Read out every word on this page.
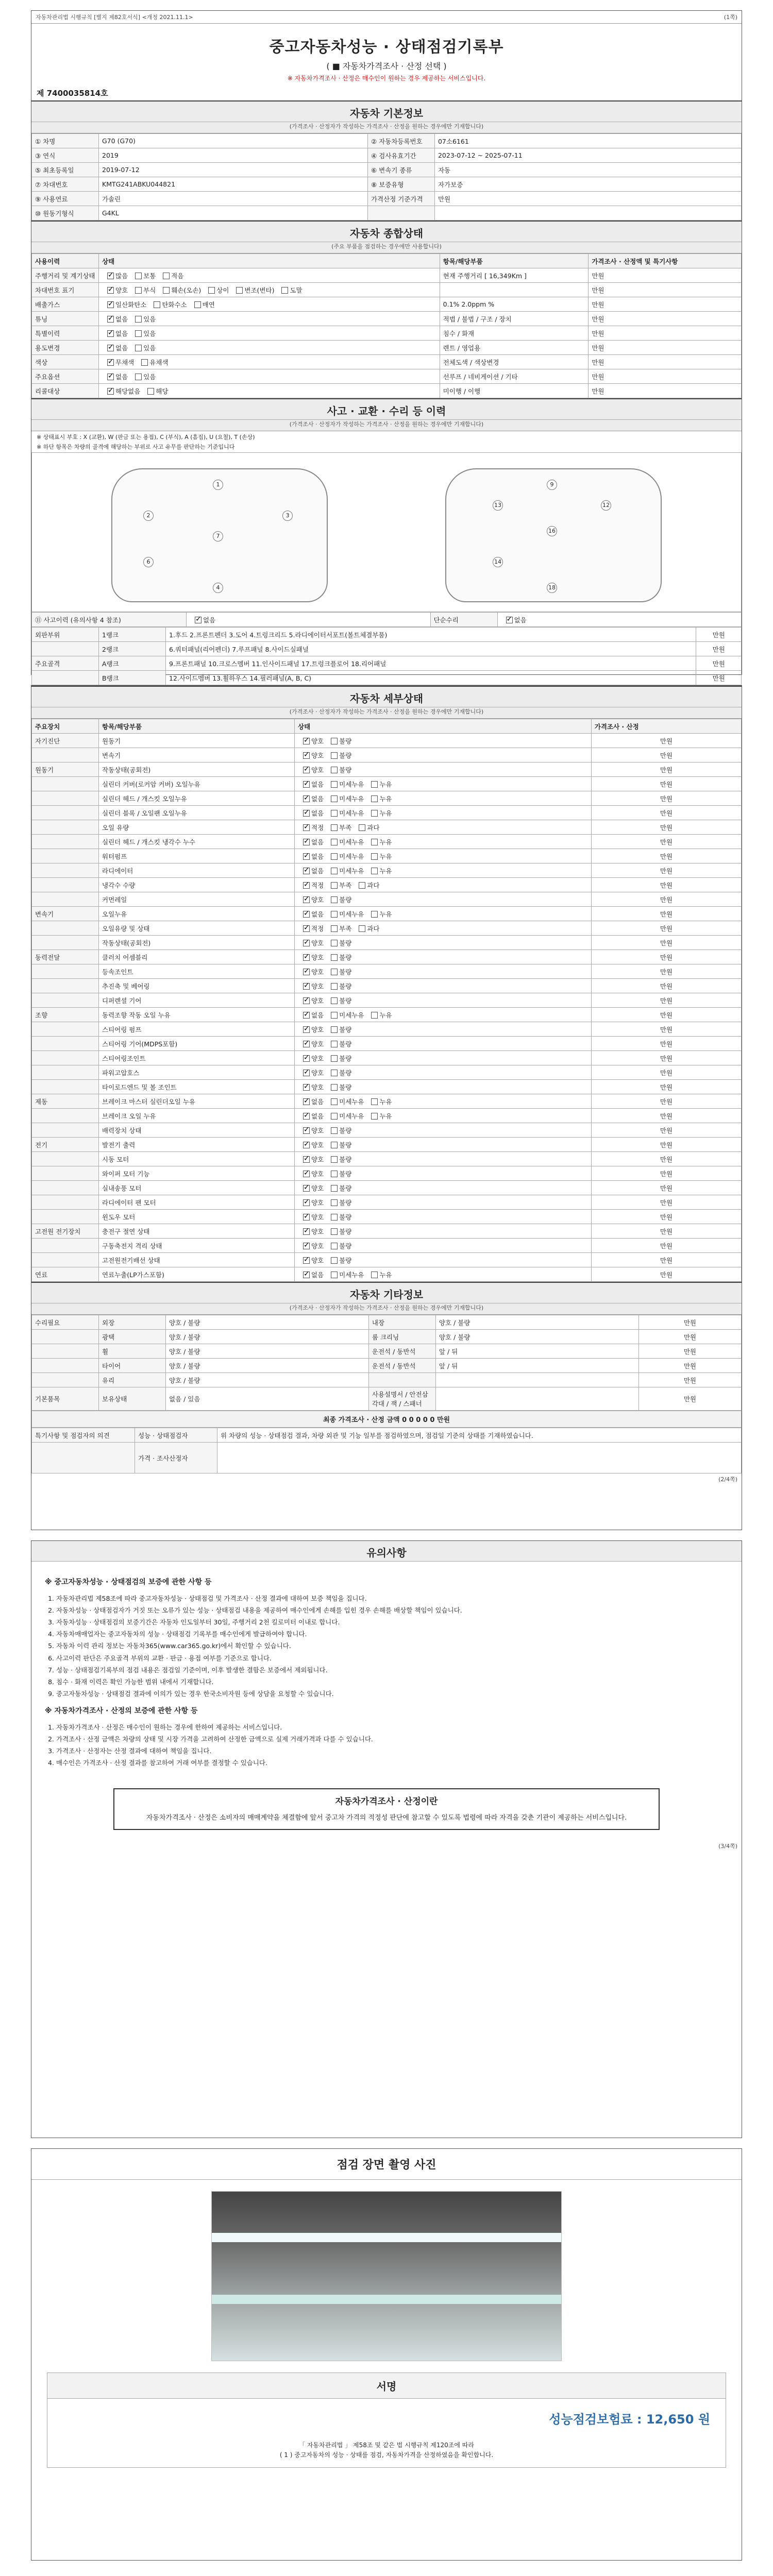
자동차관리법 시행규칙 [별지 제82호서식] <개정 2021.11.1>	(1쪽)
중고자동차성능 · 상태점검기록부
( ■ 자동차가격조사 · 산정 선택 )
※ 자동차가격조사 · 산정은 매수인이 원하는 경우 제공하는 서비스입니다.
제 7400035814호
자동차 기본정보
(가격조사 · 산정자가 작성하는 가격조사 · 산정을 원하는 경우에만 기재합니다)
① 차명	G70 (G70)	② 자동차등록번호	07소6161
③ 연식	2019	④ 검사유효기간	2023-07-12 ~ 2025-07-11
⑤ 최초등록일	2019-07-12	⑥ 변속기 종류	자동
⑦ 차대번호	KMTG241ABKU044821	⑧ 보증유형	자가보증
⑨ 사용연료	가솔린	가격산정 기준가격	만원
⑩ 원동기형식	G4KL		
자동차 종합상태
(주요 부품을 점검하는 경우에만 사용합니다)
사용이력	상태	항목/해당부품	가격조사 · 산정액 및 특기사항
주행거리 및 계기상태	✓많음 보통 적음	현재 주행거리 [ 16,349Km ]	만원
차대번호 표기	✓양호 부식 훼손(오손) 상이 변조(변타) 도말		만원
배출가스	✓일산화탄소 탄화수소 매연	0.1% 2.0ppm %	만원
튜닝	✓없음 있음	적법 / 불법 / 구조 / 장치	만원
특별이력	✓없음 있음	침수 / 화재	만원
용도변경	✓없음 있음	렌트 / 영업용	만원
색상	✓무채색 유채색	전체도색 / 색상변경	만원
주요옵션	✓없음 있음	선루프 / 네비게이션 / 기타	만원
리콜대상	✓해당없음 해당	미이행 / 이행	만원
사고 · 교환 · 수리 등 이력
(가격조사 · 산정자가 작성하는 가격조사 · 산정을 원하는 경우에만 기재합니다)
※ 상태표시 부호 : X (교환), W (판금 또는 용접), C (부식), A (흠집), U (요철), T (손상)
※ 하단 항목은 차량의 골격에 해당하는 부위로 사고 유무를 판단하는 기준입니다
1
2	3
7
6
4
9
13	12
16
14
18
⑪ 사고이력 (유의사항 4 참조)	✓없음	단순수리	✓없음
외판부위	1랭크	1.후드 2.프론트펜더 3.도어 4.트렁크리드 5.라디에이터서포트(볼트체결부품)	만원
	2랭크	6.쿼터패널(리어펜더) 7.루프패널 8.사이드실패널	만원
주요골격	A랭크	9.프론트패널 10.크로스멤버 11.인사이드패널 17.트렁크플로어 18.리어패널	만원
	B랭크	12.사이드멤버 13.휠하우스 14.필러패널(A, B, C)	만원

자동차 세부상태
(가격조사 · 산정자가 작성하는 가격조사 · 산정을 원하는 경우에만 기재합니다)
주요장치	항목/해당부품	상태	가격조사 · 산정
자기진단	원동기	✓양호 불량	만원
	변속기	✓양호 불량	만원
원동기	작동상태(공회전)	✓양호 불량	만원
	실린더 커버(로커암 커버) 오일누유	✓없음 미세누유 누유	만원
	실린더 헤드 / 개스킷 오일누유	✓없음 미세누유 누유	만원
	실린더 블록 / 오일팬 오일누유	✓없음 미세누유 누유	만원
	오일 유량	✓적정 부족 과다	만원
	실린더 헤드 / 개스킷 냉각수 누수	✓없음 미세누유 누유	만원
	워터펌프	✓없음 미세누유 누유	만원
	라디에이터	✓없음 미세누유 누유	만원
	냉각수 수량	✓적정 부족 과다	만원
	커먼레일	✓양호 불량	만원
변속기	오일누유	✓없음 미세누유 누유	만원
	오일유량 및 상태	✓적정 부족 과다	만원
	작동상태(공회전)	✓양호 불량	만원
동력전달	클러치 어셈블리	✓양호 불량	만원
	등속조인트	✓양호 불량	만원
	추진축 및 베어링	✓양호 불량	만원
	디퍼렌셜 기어	✓양호 불량	만원
조향	동력조향 작동 오일 누유	✓없음 미세누유 누유	만원
	스티어링 펌프	✓양호 불량	만원
	스티어링 기어(MDPS포함)	✓양호 불량	만원
	스티어링조인트	✓양호 불량	만원
	파워고압호스	✓양호 불량	만원
	타이로드엔드 및 볼 조인트	✓양호 불량	만원
제동	브레이크 마스터 실린더오일 누유	✓없음 미세누유 누유	만원
	브레이크 오일 누유	✓없음 미세누유 누유	만원
	배력장치 상태	✓양호 불량	만원
전기	발전기 출력	✓양호 불량	만원
	시동 모터	✓양호 불량	만원
	와이퍼 모터 기능	✓양호 불량	만원
	실내송풍 모터	✓양호 불량	만원
	라디에이터 팬 모터	✓양호 불량	만원
	윈도우 모터	✓양호 불량	만원
고전원 전기장치	충전구 절연 상태	✓양호 불량	만원
	구동축전지 격리 상태	✓양호 불량	만원
	고전원전기배선 상태	✓양호 불량	만원
연료	연료누출(LP가스포함)	✓없음 미세누유 누유	만원
자동차 기타정보
(가격조사 · 산정자가 작성하는 가격조사 · 산정을 원하는 경우에만 기재합니다)
수리필요	외장	양호 / 불량	내장	양호 / 불량	만원
	광택	양호 / 불량	룸 크리닝	양호 / 불량	만원
	휠	양호 / 불량	운전석 / 동반석	앞 / 뒤	만원
	타이어	양호 / 불량	운전석 / 동반석	앞 / 뒤	만원
	유리	양호 / 불량			만원
기본품목	보유상태	없음 / 있음	사용설명서 / 안전삼각대 / 잭 / 스패너		만원
최종 가격조사 · 산정 금액 0 0 0 0 0 만원
특기사항 및 점검자의 의견	성능 · 상태점검자	위 차량의 성능 · 상태점검 결과, 차량 외관 및 기능 일부를 점검하였으며, 점검일 기준의 상태를 기재하였습니다.
	가격 · 조사산정자	
(2/4쪽)
유의사항
※ 중고자동차성능 · 상태점검의 보증에 관한 사항 등
1. 자동차관리법 제58조에 따라 중고자동차성능 · 상태점검 및 가격조사 · 산정 결과에 대하여 보증 책임을 집니다.
2. 자동차성능 · 상태점검자가 거짓 또는 오류가 있는 성능 · 상태점검 내용을 제공하여 매수인에게 손해를 입힌 경우 손해를 배상할 책임이 있습니다.
3. 자동차성능 · 상태점검의 보증기간은 자동차 인도일부터 30일, 주행거리 2천 킬로미터 이내로 합니다.
4. 자동차매매업자는 중고자동차의 성능 · 상태점검 기록부를 매수인에게 발급하여야 합니다.
5. 자동차 이력 관리 정보는 자동차365(www.car365.go.kr)에서 확인할 수 있습니다.
6. 사고이력 판단은 주요골격 부위의 교환 · 판금 · 용접 여부를 기준으로 합니다.
7. 성능 · 상태점검기록부의 점검 내용은 점검일 기준이며, 이후 발생한 결함은 보증에서 제외됩니다.
8. 침수 · 화재 이력은 확인 가능한 범위 내에서 기재합니다.
9. 중고자동차성능 · 상태점검 결과에 이의가 있는 경우 한국소비자원 등에 상담을 요청할 수 있습니다.
※ 자동차가격조사 · 산정의 보증에 관한 사항 등
1. 자동차가격조사 · 산정은 매수인이 원하는 경우에 한하여 제공하는 서비스입니다.
2. 가격조사 · 산정 금액은 차량의 상태 및 시장 가격을 고려하여 산정한 금액으로 실제 거래가격과 다를 수 있습니다.
3. 가격조사 · 산정자는 산정 결과에 대하여 책임을 집니다.
4. 매수인은 가격조사 · 산정 결과를 참고하여 거래 여부를 결정할 수 있습니다.
자동차가격조사 · 산정이란
자동차가격조사 · 산정은 소비자의 매매계약을 체결함에 앞서 중고차 가격의 적정성 판단에 참고할 수 있도록 법령에 따라 자격을 갖춘 기관이 제공하는 서비스입니다.
(3/4쪽)
점검 장면 촬영 사진
서명
성능점검보험료 : 12,650 원
「 자동차관리법 」 제58조 및 같은 법 시행규칙 제120조에 따라
( 1 ) 중고자동차의 성능 · 상태를 점검, 자동차가격을 산정하였음을 확인합니다.
